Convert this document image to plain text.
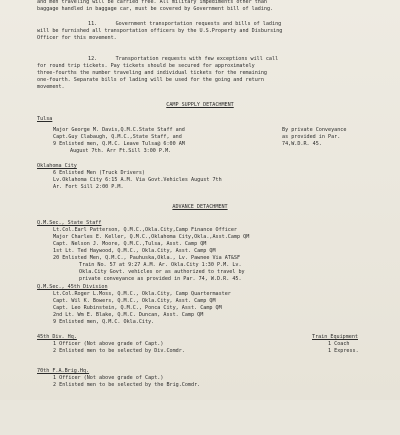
and men traveling will be carried free. All military impediments other than

baggage handled in baggage car, must be covered by Government bill of lading.

11.      Government transportation requests and bills of lading

will be furnished all transportation officers by the U.S.Property and Disbursing

Officer for this movement.

12.      Transportation requests with few exceptions will call

for round trip tickets. Pay tickets should be secured for approximately

three-fourths the number traveling and individual tickets for the remaining

one-fourth. Separate bills of lading will be used for the going and return

movement.

CAMP SUPPLY DETACHMENT

Tulsa

Major George M. Davis,Q.M.C.State Staff and

Capt.Guy Clabaugh, Q.M.C.,State Staff, and

9 Enlisted men, Q.M.C. Leave Tulsa@ 6:00 AM

August 7th. Arr Ft.Sill 3:00 P.M.

By private Conveyance

as provided in Par.

74,W.D.R. 45.

Oklahoma City

6 Enlisted Men (Truck Drivers)

Lv.Oklahoma City 6:15 A.M. Via Govt.Vehicles August 7th

Ar. Fort Sill 2:00 P.M.

ADVANCE DETACHMENT

Q.M.Sec., State Staff

Lt.Col.Earl Patterson, Q.M.C.,Okla.City,Camp Finance Officer

Major Charles E. Keller, Q.M.C.,Oklahoma City,Okla.,Asst.Camp QM

Capt. Nelson J. Moore, Q.M.C.,Tulsa, Asst. Camp QM

1st Lt. Ted Haywood, Q.M.C., Okla.City, Asst. Camp QM

20 Enlisted Men, Q.M.C., Pauhuska,Okla., Lv. Pawnee Via AT&SF

Train No. 57 at 9:27 A.M. Ar. Okla.City 1:30 P.M. Lv.

Okla.City Govt. vehicles or as authorized to travel by

private conveyance as provided in Par. 74, W.D.R. 45.

Q.M.Sec., 45th Division

Lt.Col.Roger L.Moss, Q.M.C., Okla.City, Camp Quartermaster

Capt. Wil K. Bowers, Q.M.C., Okla.City, Asst. Camp QM

Capt. Leo Rubinstein, Q.M.C., Ponca City, Asst. Camp QM

2nd Lt. Wm E. Blake, Q.M.C. Duncan, Asst. Camp QM

9 Enlisted men, Q.M.C. Okla.City.

45th Div. Hq.

	Train Equipment

1 Officer (Not above grade of Capt.)

2 Enlisted men to be selected by Div.Comdr.

1 Coach

1 Express.

70th F.A.Brig.Hq.

1 Officer (Not above grade of Capt.)

2 Enlisted men to be selected by the Brig.Comdr.
